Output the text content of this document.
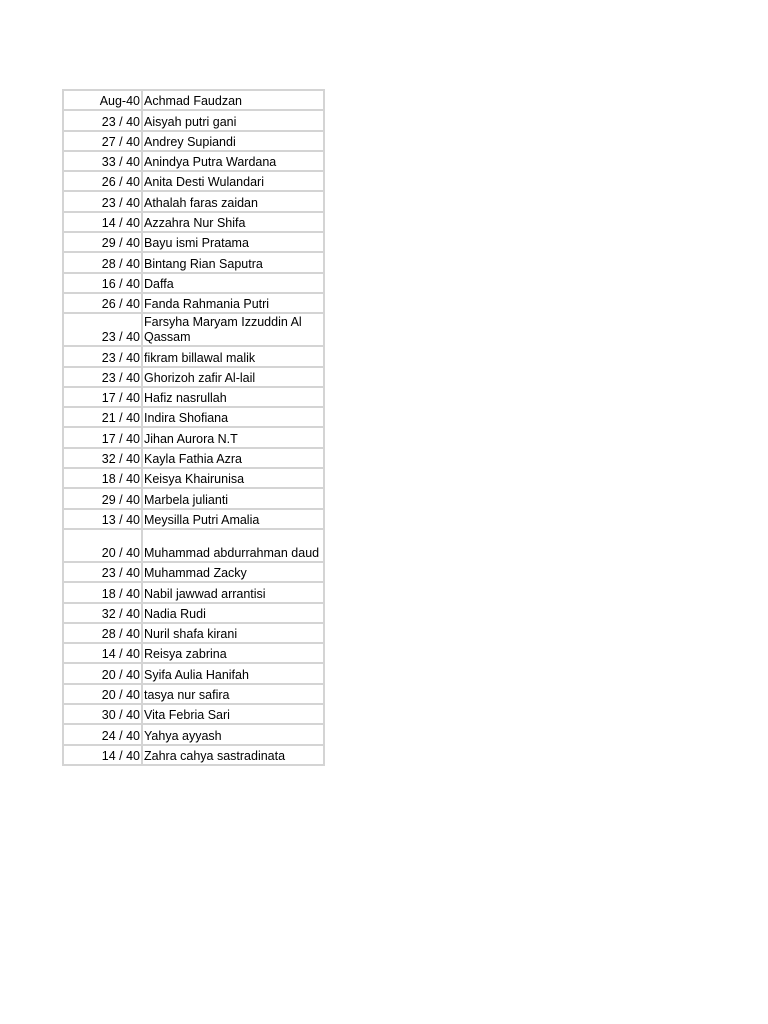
Aug-40	Achmad Faudzan
23 / 40	Aisyah putri gani
27 / 40	Andrey Supiandi
33 / 40	Anindya Putra Wardana
26 / 40	Anita Desti Wulandari
23 / 40	Athalah faras zaidan
14 / 40	Azzahra Nur Shifa
29 / 40	Bayu ismi Pratama
28 / 40	Bintang Rian Saputra
16 / 40	Daffa
26 / 40	Fanda Rahmania Putri
23 / 40	Farsyha Maryam Izzuddin Al Qassam
23 / 40	fikram billawal malik
23 / 40	Ghorizoh zafir Al-lail
17 / 40	Hafiz nasrullah
21 / 40	Indira Shofiana
17 / 40	Jihan Aurora N.T
32 / 40	Kayla Fathia Azra
18 / 40	Keisya Khairunisa
29 / 40	Marbela julianti
13 / 40	Meysilla Putri Amalia
20 / 40	Muhammad abdurrahman daud
23 / 40	Muhammad Zacky
18 / 40	Nabil jawwad arrantisi
32 / 40	Nadia Rudi
28 / 40	Nuril shafa kirani
14 / 40	Reisya zabrina
20 / 40	Syifa Aulia Hanifah
20 / 40	tasya nur safira
30 / 40	Vita Febria Sari
24 / 40	Yahya ayyash
14 / 40	Zahra cahya sastradinata
